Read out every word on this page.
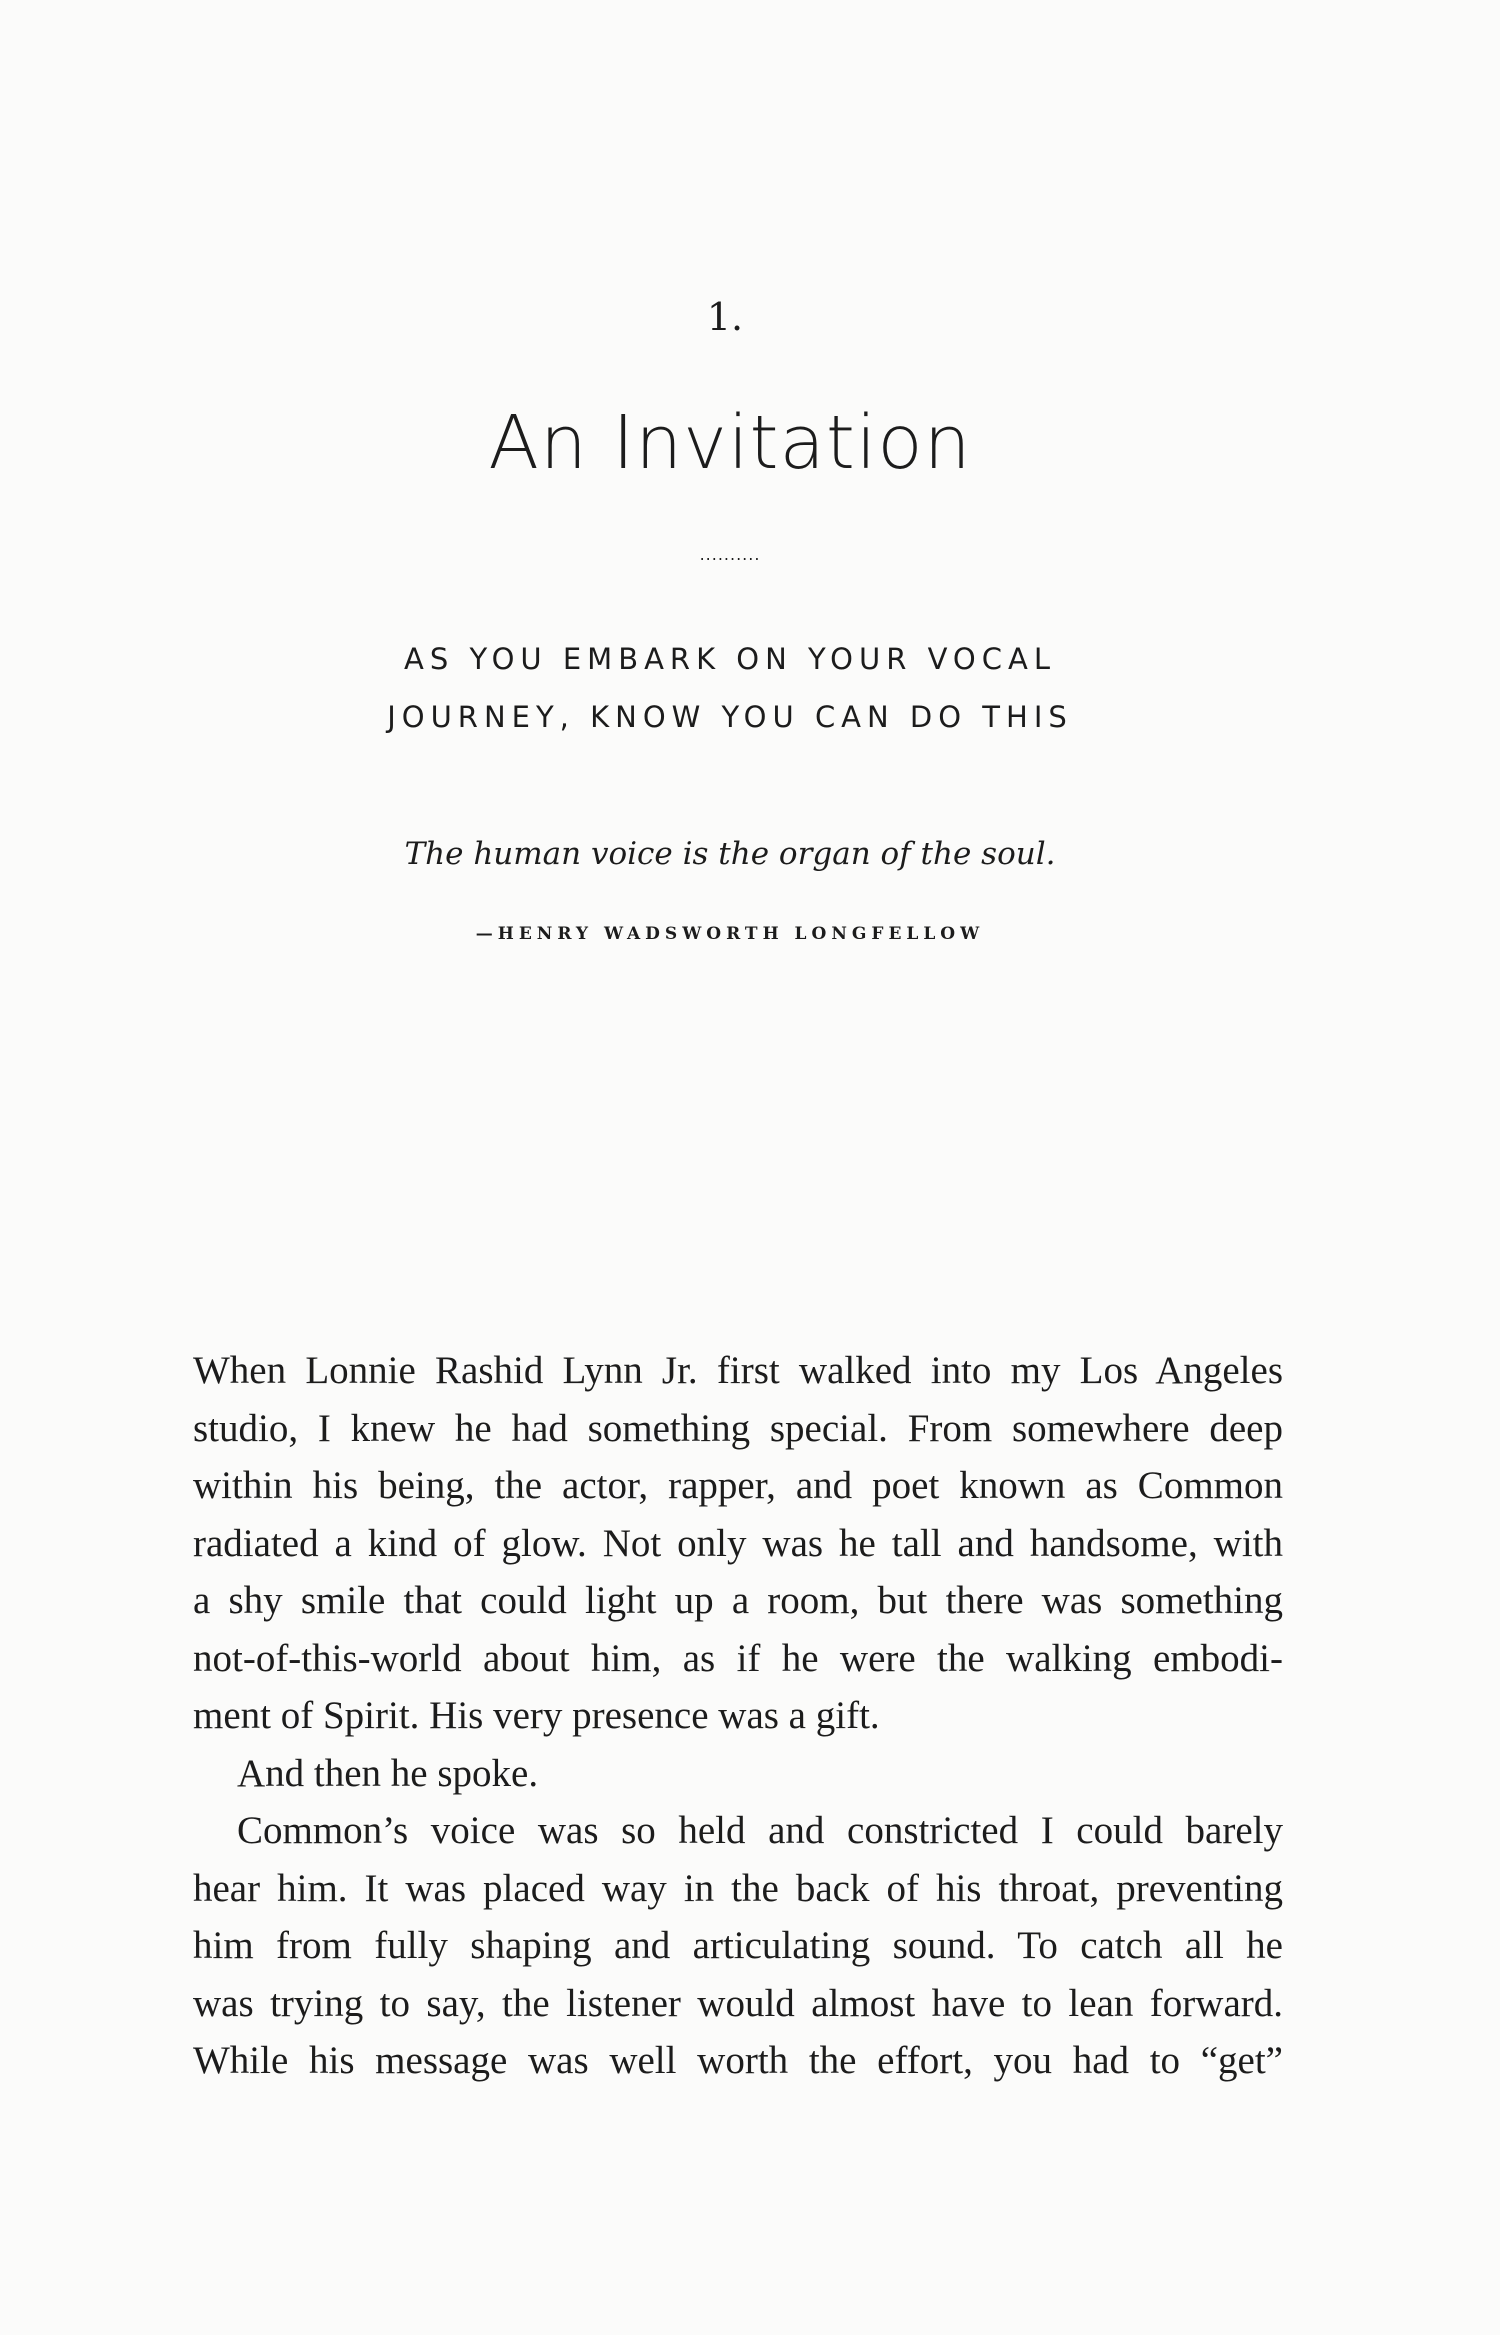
1.
An Invitation
..........
AS YOU EMBARK ON YOUR VOCAL
JOURNEY, KNOW YOU CAN DO THIS
The human voice is the organ of the soul.
—HENRY WADSWORTH LONGFELLOW
When Lonnie Rashid Lynn Jr. first walked into my Los Angeles
studio, I knew he had something special. From somewhere deep
within his being, the actor, rapper, and poet known as Common
radiated a kind of glow. Not only was he tall and handsome, with
a shy smile that could light up a room, but there was something
not-of-this-world about him, as if he were the walking embodi-
ment of Spirit. His very presence was a gift.
And then he spoke.
Common’s voice was so held and constricted I could barely
hear him. It was placed way in the back of his throat, preventing
him from fully shaping and articulating sound. To catch all he
was trying to say, the listener would almost have to lean forward.
While his message was well worth the effort, you had to “get”
